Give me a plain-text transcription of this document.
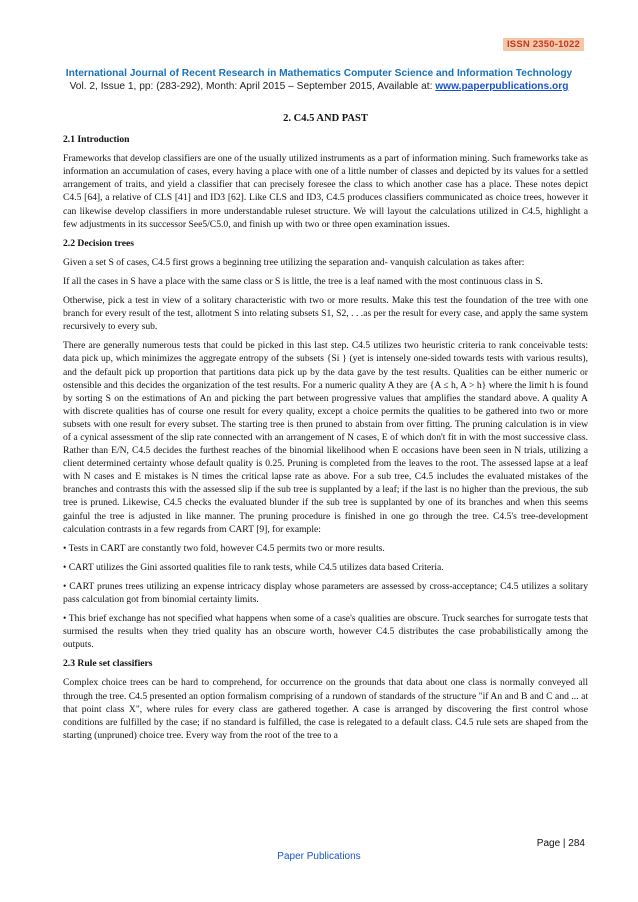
ISSN 2350-1022
International Journal of Recent Research in Mathematics Computer Science and Information Technology
Vol. 2, Issue 1, pp: (283-292), Month: April 2015 – September 2015, Available at: www.paperpublications.org
2. C4.5 AND PAST
2.1 Introduction

Frameworks that develop classifiers are one of the usually utilized instruments as a part of information mining. Such frameworks take as information an accumulation of cases, every having a place with one of a little number of classes and depicted by its values for a settled arrangement of traits, and yield a classifier that can precisely foresee the class to which another case has a place. These notes depict C4.5 [64], a relative of CLS [41] and ID3 [62]. Like CLS and ID3, C4.5 produces classifiers communicated as choice trees, however it can likewise develop classifiers in more understandable ruleset structure. We will layout the calculations utilized in C4.5, highlight a few adjustments in its successor See5/C5.0, and finish up with two or three open examination issues.

2.2 Decision trees

Given a set S of cases, C4.5 first grows a beginning tree utilizing the separation and- vanquish calculation as takes after:

If all the cases in S have a place with the same class or S is little, the tree is a leaf named with the most continuous class in S.

Otherwise, pick a test in view of a solitary characteristic with two or more results. Make this test the foundation of the tree with one branch for every result of the test, allotment S into relating subsets S1, S2, . . .as per the result for every case, and apply the same system recursively to every sub.

There are generally numerous tests that could be picked in this last step. C4.5 utilizes two heuristic criteria to rank conceivable tests: data pick up, which minimizes the aggregate entropy of the subsets {Si } (yet is intensely one-sided towards tests with various results), and the default pick up proportion that partitions data pick up by the data gave by the test results. Qualities can be either numeric or ostensible and this decides the organization of the test results. For a numeric quality A they are {A ≤ h, A > h} where the limit h is found by sorting S on the estimations of An and picking the part between progressive values that amplifies the standard above. A quality A with discrete qualities has of course one result for every quality, except a choice permits the qualities to be gathered into two or more subsets with one result for every subset. The starting tree is then pruned to abstain from over fitting. The pruning calculation is in view of a cynical assessment of the slip rate connected with an arrangement of N cases, E of which don't fit in with the most successive class. Rather than E/N, C4.5 decides the furthest reaches of the binomial likelihood when E occasions have been seen in N trials, utilizing a client determined certainty whose default quality is 0.25. Pruning is completed from the leaves to the root. The assessed lapse at a leaf with N cases and E mistakes is N times the critical lapse rate as above. For a sub tree, C4.5 includes the evaluated mistakes of the branches and contrasts this with the assessed slip if the sub tree is supplanted by a leaf; if the last is no higher than the previous, the sub tree is pruned. Likewise, C4.5 checks the evaluated blunder if the sub tree is supplanted by one of its branches and when this seems gainful the tree is adjusted in like manner. The pruning procedure is finished in one go through the tree. C4.5's tree-development calculation contrasts in a few regards from CART [9], for example:

• Tests in CART are constantly two fold, however C4.5 permits two or more results.

• CART utilizes the Gini assorted qualities file to rank tests, while C4.5 utilizes data based Criteria.

• CART prunes trees utilizing an expense intricacy display whose parameters are assessed by cross-acceptance; C4.5 utilizes a solitary pass calculation got from binomial certainty limits.

• This brief exchange has not specified what happens when some of a case's qualities are obscure. Truck searches for surrogate tests that surmised the results when they tried quality has an obscure worth, however C4.5 distributes the case probabilistically among the outputs.

2.3 Rule set classifiers

Complex choice trees can be hard to comprehend, for occurrence on the grounds that data about one class is normally conveyed all through the tree. C4.5 presented an option formalism comprising of a rundown of standards of the structure "if An and B and C and ... at that point class X", where rules for every class are gathered together. A case is arranged by discovering the first control whose conditions are fulfilled by the case; if no standard is fulfilled, the case is relegated to a default class. C4.5 rule sets are shaped from the starting (unpruned) choice tree. Every way from the root of the tree to a

Page | 284
Paper Publications
